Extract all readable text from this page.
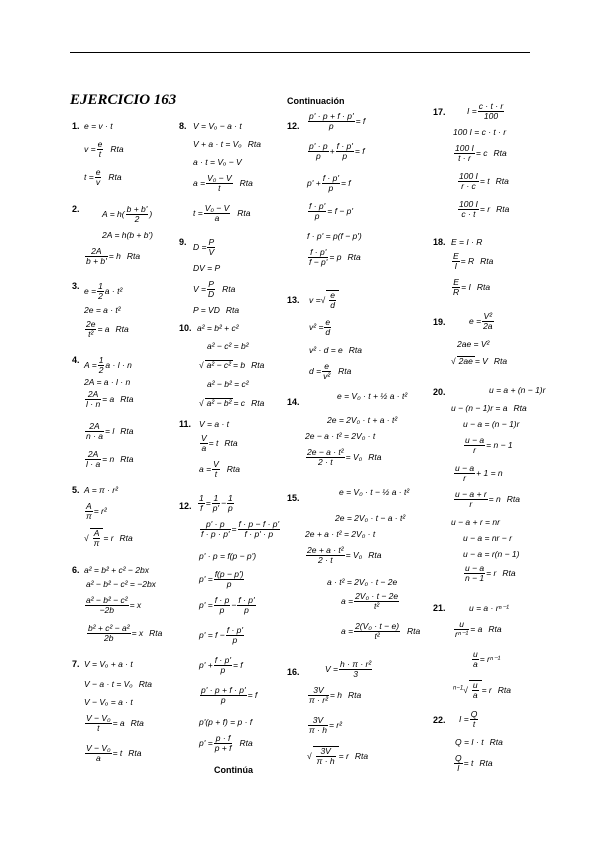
EJERCICIO 163	Continuación
Continúa
1. e = v · t
$v = \frac{e}{t}$ Rta
$t = \frac{e}{v}$ Rta
2.
$A = h( \frac{b + b'}{2}$ )
2A = h(b + b')
$\frac{2A}{b + b'} = h$ Rta
3.
$e = \frac{1}{2}$ a · t²
2e = a · t²
$\frac{2e}{\text{t²}} = a$ Rta
4.
$A = \frac{1}{2}$ a · l · n
2A = a · l · n
$\frac{2A}{l \cdot n} = a$ Rta
$\frac{2A}{n \cdot a} = l$ Rta
$\frac{2A}{l \cdot a} = n$ Rta
5. A = π · r²
$\frac{A}{\pi} = r^2$
√ $\frac{A}{\pi} = r$ Rta
6. a² = b² + c² − 2bx
a² − b² − c² = −2bx
$\frac{\text{a² − b² − c²}}{-2b} = x$
$\frac{\text{b² + c² − a²}}{2b} = x$ Rta
7. V = Vₒ + a · t
V − a · t = Vₒ Rta
V − Vₒ = a · t
$\frac{\text{V − V₀}}{t} = a$ Rta
$\frac{\text{V − V₀}}{a} = t$ Rta
8. V = Vₒ − a · t
V + a · t = Vₒ Rta
a · t = Vₒ − V
$a = \frac{\text{V₀ − V}}{t}$ Rta
$t = \frac{\text{V₀ − V}}{a}$ Rta
9.
$D = \frac{P}{V}$
DV = P
$V = \frac{P}{D}$ Rta
P = VD Rta
10. a² = b² + c²
a² − c² = b²
√ a² − c² = b Rta
a² − b² = c²
√ a² − b² = c Rta
11. V = a · t
$\frac{V}{a} = t$ Rta
$a = \frac{V}{t}$ Rta
12. $\frac{1}{f} = \frac{1}{p'} - \frac{1}{p}$
$\frac{p' \cdot p}{f \cdot p \cdot p'} = \frac{f \cdot p - f \cdot p'}{f \cdot p' \cdot p}$
p' · p = f(p − p')
$p' = \frac{f(p - p')}{p}$
$p' = \frac{f \cdot p}{p} - \frac{f \cdot p'}{p}$
$p' = f - \frac{f \cdot p'}{p}$
$p' + \frac{f \cdot p'}{p} = f$
$\frac{p' \cdot p + f \cdot p'}{p} = f$
p'(p + f) = p · f
$p' = \frac{p \cdot f}{p + f}$ Rta
12. $\frac{p' \cdot p + f \cdot p'}{p} = f$
$\frac{p' \cdot p}{p} + \frac{f \cdot p'}{p} = f$
$p' + \frac{f \cdot p'}{p} = f$
$\frac{f \cdot p'}{p} = f - p'$
f · p' = p(f − p')
$\frac{f \cdot p'}{f - p'} = p$ Rta
13. v =√ $\frac{e}{d}$
$v^2 = \frac{e}{d}$
v² · d = e Rta
$d = \frac{e}{\text{v²}}$ Rta
14.
e = V₀ · t + ½ a · t²
2e = 2V₀ · t + a · t²
2e − a · t² = 2V₀ · t
$\frac{\text{2e − a · t²}}{2 \cdot t} = V_0$ Rta
15.
e = V₀ · t − ½ a · t²
2e = 2V₀ · t − a · t²
2e + a · t² = 2V₀ · t
$\frac{\text{2e + a · t²}}{2 \cdot t} = V_0$ Rta
a · t² = 2V₀ · t − 2e
$a = \frac{\text{2V₀ · t − 2e}}{\text{t²}}$
$a = \frac{\text{2(V₀ · t − e)}}{\text{t²}}$ Rta
16.	$V = \frac{\text{h · π · r²}}{3}$
$\frac{3V}{\text{π · r²}} = h$ Rta
$\frac{3V}{\pi \cdot h} = r^2$
√ $\frac{3V}{\pi \cdot h} = r$ Rta
17.	$I = \frac{c \cdot t \cdot r}{100}$
100 I = c · t · r
$\frac{100 I}{t \cdot r} = c$ Rta
$\frac{100 I}{r \cdot c} = t$ Rta
$\frac{100 I}{c \cdot t} = r$ Rta
18. E = I · R
$\frac{E}{I} = R$ Rta
$\frac{E}{R} = I$ Rta
19.	$e = \frac{\text{V²}}{2a}$
2ae = V²
√ 2ae = V Rta
20.	u = a + (n − 1)r
u − (n − 1)r = a Rta
u − a = (n − 1)r
$\frac{u - a}{r} = n - 1$
$\frac{u - a}{r} + 1 = n$
$\frac{u - a + r}{r} = n$ Rta
u − a + r = nr
u − a = nr − r
u − a = r(n − 1)
$\frac{u - a}{n - 1} = r$ Rta
21.	u = a · rⁿ⁻¹
$\frac{u}{\text{rⁿ⁻¹}} = a$ Rta
$\frac{u}{a} = r^{n-1}$
$^{n-1}√ \frac{u}{a} = r$ Rta
22. $I = \frac{Q}{t}$
Q = I · t Rta
$\frac{Q}{I} = t$ Rta
